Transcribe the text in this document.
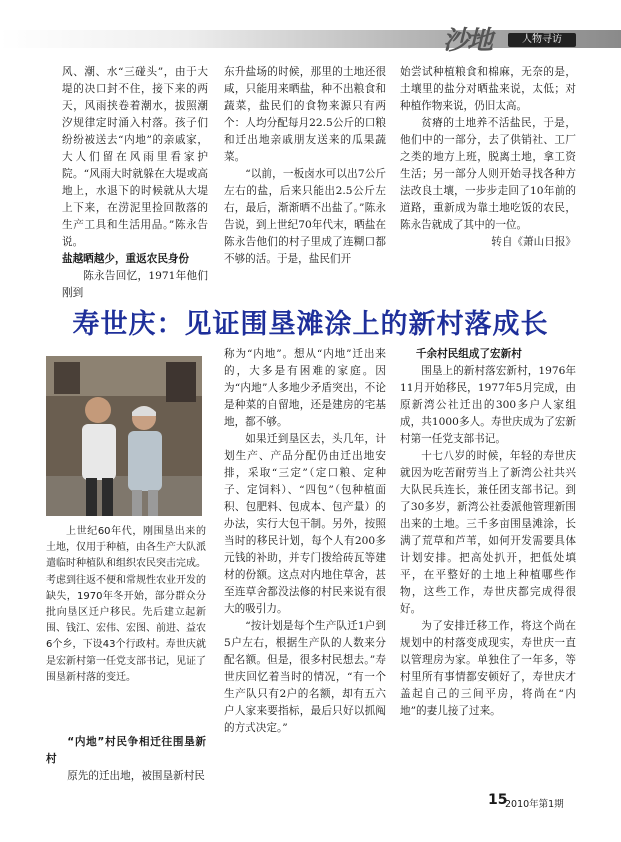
沙地	人物寻访

风、潮、水“三碰头”，由于大堤的决口封不住，接下来的两天，风雨挟卷着潮水，拔照潮汐规律定时涌入村落。孩子们纷纷被送去“内地”的亲戚家，大人们留在风雨里看家护院。“风雨大时就躲在大堤或高地上，水退下的时候就从大堤上下来，在涝泥里捡回散落的生产工具和生活用品。”陈永告说。

盐越晒越少，重返农民身份

陈永告回忆，1971年他们刚到

东升盐场的时候，那里的土地还很咸，只能用来晒盐，种不出粮食和蔬菜，盐民们的食物来源只有两个：人均分配每月22.5公斤的口粮和迁出地亲戚朋友送来的瓜果蔬菜。

“以前，一板卤水可以出7公斤左右的盐，后来只能出2.5公斤左右，最后，渐渐晒不出盐了。”陈永告说，到上世纪70年代末，晒盐在陈永告他们的村子里成了连糊口都不够的活。于是，盐民们开

始尝试种植粮食和棉麻，无奈的是，土壤里的盐分对晒盐来说，太低；对种植作物来说，仍旧太高。

贫瘠的土地养不活盐民，于是，他们中的一部分，去了供销社、工厂之类的地方上班，脱离土地，拿工资生活；另一部分人则开始寻找各种方法改良土壤，一步步走回了10年前的道路，重新成为靠土地吃饭的农民，陈永告就成了其中的一位。

转自《萧山日报》

寿世庆：见证围垦滩涂上的新村落成长

上世纪60年代，刚围垦出来的土地，仅用于种植，由各生产大队派遣临时种植队和组织农民突击完成。考虑到往返不便和常规性农业开发的缺失，1970年冬开始，部分群众分批向垦区迁户移民。先后建立起新围、钱江、宏伟、宏图、前进、益农6个乡，下设43个行政村。寿世庆就是宏新村第一任党支部书记，见证了围垦新村落的变迁。

“内地”村民争相迁往围垦新村

原先的迁出地，被围垦新村民

称为“内地”。想从“内地”迁出来的，大多是有困难的家庭。因为“内地”人多地少矛盾突出，不论是种菜的自留地，还是建房的宅基地，都不够。

如果迁到垦区去，头几年，计划生产、产品分配仍由迁出地安排，采取“三定”（定口粮、定种子、定饲料）、“四包”（包种植面积、包肥料、包成本、包产量）的办法，实行大包干制。另外，按照当时的移民计划，每个人有200多元钱的补助，并专门拨给砖瓦等建材的份额。这点对内地住草舍，甚至连草舍都没法修的村民来说有很大的吸引力。

“按计划是每个生产队迁1户到5户左右，根据生产队的人数来分配名额。但是，很多村民想去。”寿世庆回忆着当时的情况，“有一个生产队只有2户的名额，却有五六户人家来要指标，最后只好以抓阄的方式决定。”

千余村民组成了宏新村

围垦上的新村落宏新村，1976年11月开始移民，1977年5月完成，由原新湾公社迁出的300多户人家组成，共1000多人。寿世庆成为了宏新村第一任党支部书记。

十七八岁的时候，年轻的寿世庆就因为吃苦耐劳当上了新湾公社共兴大队民兵连长，兼任团支部书记。到了30多岁，新湾公社委派他管理新围出来的土地。三千多亩围垦滩涂，长满了荒草和芦苇，如何开发需要具体计划安排。把高处扒开，把低处填平，在平整好的土地上种植哪些作物，这些工作，寿世庆都完成得很好。

为了安排迁移工作，将这个尚在规划中的村落变成现实，寿世庆一直以管理房为家。单独住了一年多，等村里所有事情都安顿好了，寿世庆才盖起自己的三间平房，将尚在“内地”的妻儿接了过来。

15
2010年第1期
